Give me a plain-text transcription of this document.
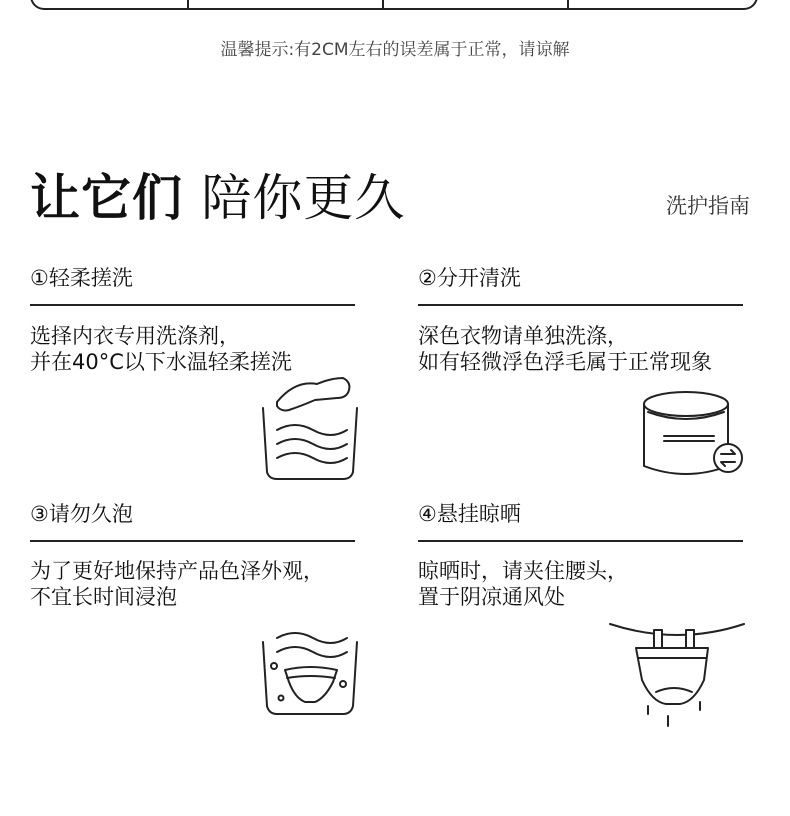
温馨提示:有2CM左右的误差属于正常，请谅解
让它们 陪你更久	洗护指南
①轻柔搓洗
选择内衣专用洗涤剂，
并在40°C以下水温轻柔搓洗
②分开清洗
深色衣物请单独洗涤，
如有轻微浮色浮毛属于正常现象
③请勿久泡
为了更好地保持产品色泽外观，
不宜长时间浸泡
④悬挂晾晒
晾晒时，请夹住腰头，
置于阴凉通风处
